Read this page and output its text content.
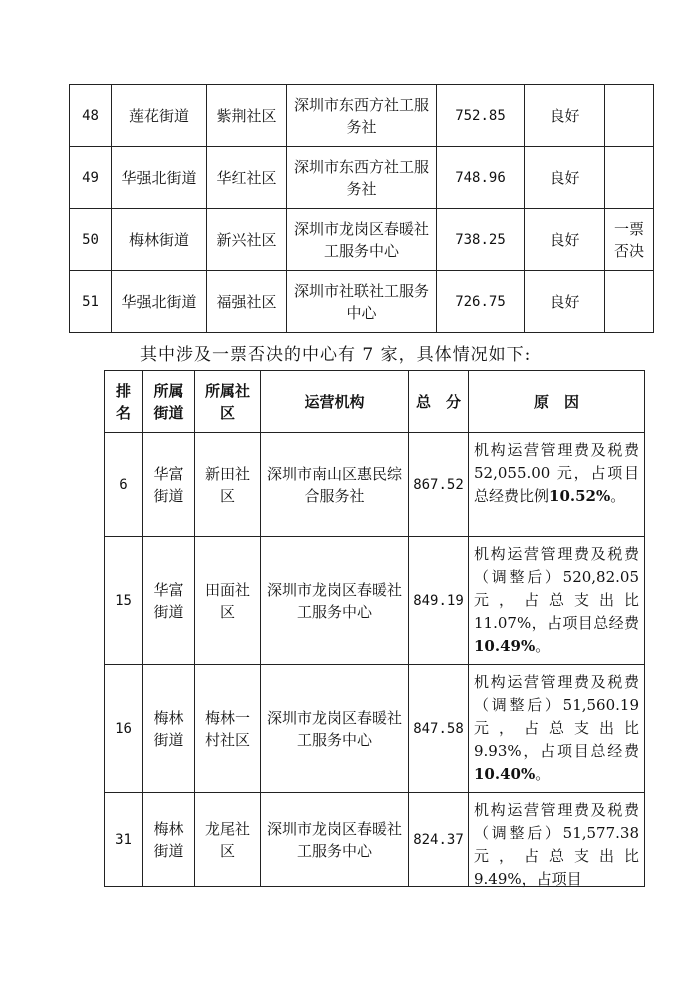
48	莲花街道	紫荆社区	深圳市东西方社工服务社	752.85	良好	
49	华强北街道	华红社区	深圳市东西方社工服务社	748.96	良好	
50	梅林街道	新兴社区	深圳市龙岗区春暖社工服务中心	738.25	良好	一票否决
51	华强北街道	福强社区	深圳市社联社工服务中心	726.75	良好	

其中涉及一票否决的中心有 7 家，具体情况如下:

排名	所属街道	所属社区	运营机构	总　分	原　因
6	华富街道	新田社区	深圳市南山区惠民综合服务社	867.52	机构运营管理费及税费 52,055.00 元，占项目总经费比例10.52%。

15	华富街道	田面社区	深圳市龙岗区春暖社工服务中心	849.19	机构运营管理费及税费（调整后）520,82.05 元，占总支出比 11.07%，占项目总经费10.49%。

16	梅林街道	梅林一村社区	深圳市龙岗区春暖社工服务中心	847.58	机构运营管理费及税费（调整后）51,560.19 元，占总支出比 9.93%，占项目总经费10.40%。

31	梅林街道	龙尾社区	深圳市龙岗区春暖社工服务中心	824.37	机构运营管理费及税费（调整后）51,577.38 元，占总支出比 9.49%，占项目
